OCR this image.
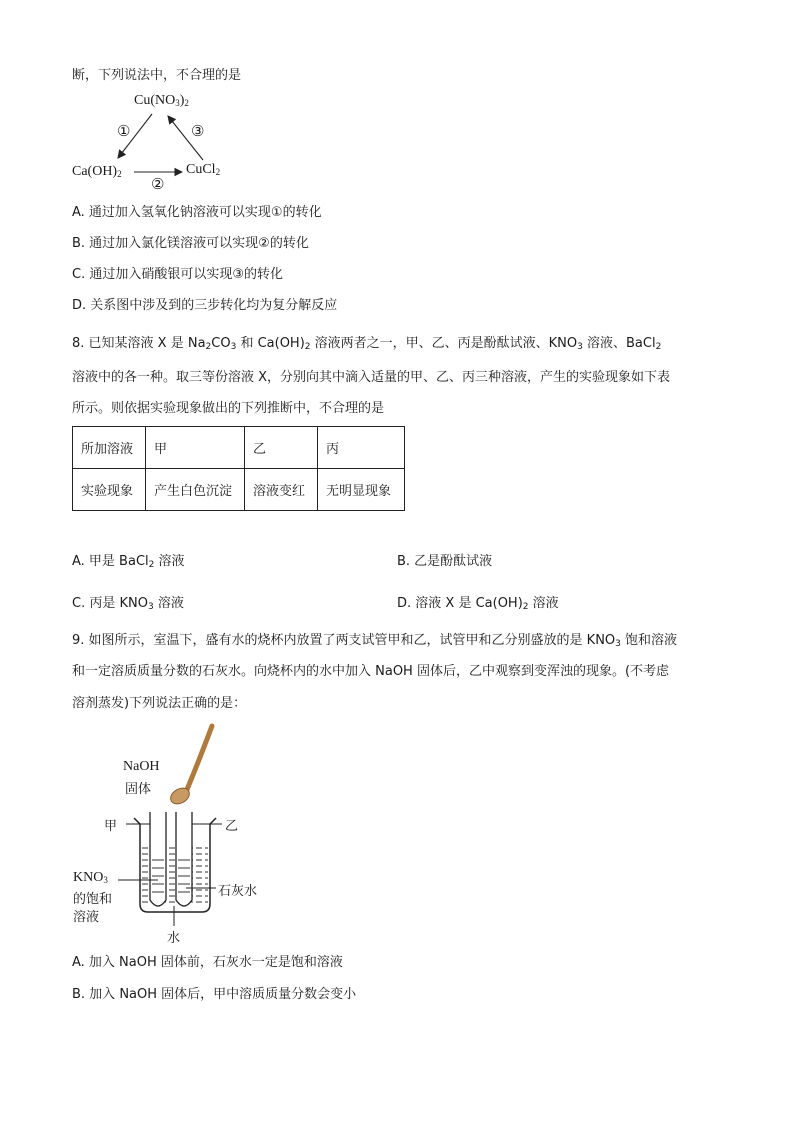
断，下列说法中，不合理的是
$Cu(NO_3)_2$
$Ca(OH)_2$	CuCl$_2$
①
②
③
A. 通过加入氢氧化钠溶液可以实现①的转化
B. 通过加入氯化镁溶液可以实现②的转化
C. 通过加入硝酸银可以实现③的转化
D. 关系图中涉及到的三步转化均为复分解反应
8. 已知某溶液 X 是 $Na_2CO_3$ 和 $Ca(OH)_2$ 溶液两者之一，甲、乙、丙是酚酞试液、$KNO_3$ 溶液、BaCl$_2$
溶液中的各一种。取三等份溶液 X，分别向其中滴入适量的甲、乙、丙三种溶液，产生的实验现象如下表
所示。则依据实验现象做出的下列推断中，不合理的是
所加溶液	甲	乙	丙
实验现象	产生白色沉淀	溶液变红	无明显现象
A. 甲是 BaCl$_2$ 溶液	B. 乙是酚酞试液
C. 丙是 $KNO_3$ 溶液	D. 溶液 X 是 $Ca(OH)_2$ 溶液
9. 如图所示，室温下，盛有水的烧杯内放置了两支试管甲和乙，试管甲和乙分别盛放的是 $KNO_3$ 饱和溶液
和一定溶质质量分数的石灰水。向烧杯内的水中加入 NaOH 固体后，乙中观察到变浑浊的现象。(不考虑
溶剂蒸发)下列说法正确的是：
NaOH
固体
甲	乙
$KNO_3$
的饱和
溶液
石灰水
水
A. 加入 NaOH 固体前，石灰水一定是饱和溶液
B. 加入 NaOH 固体后，甲中溶质质量分数会变小
